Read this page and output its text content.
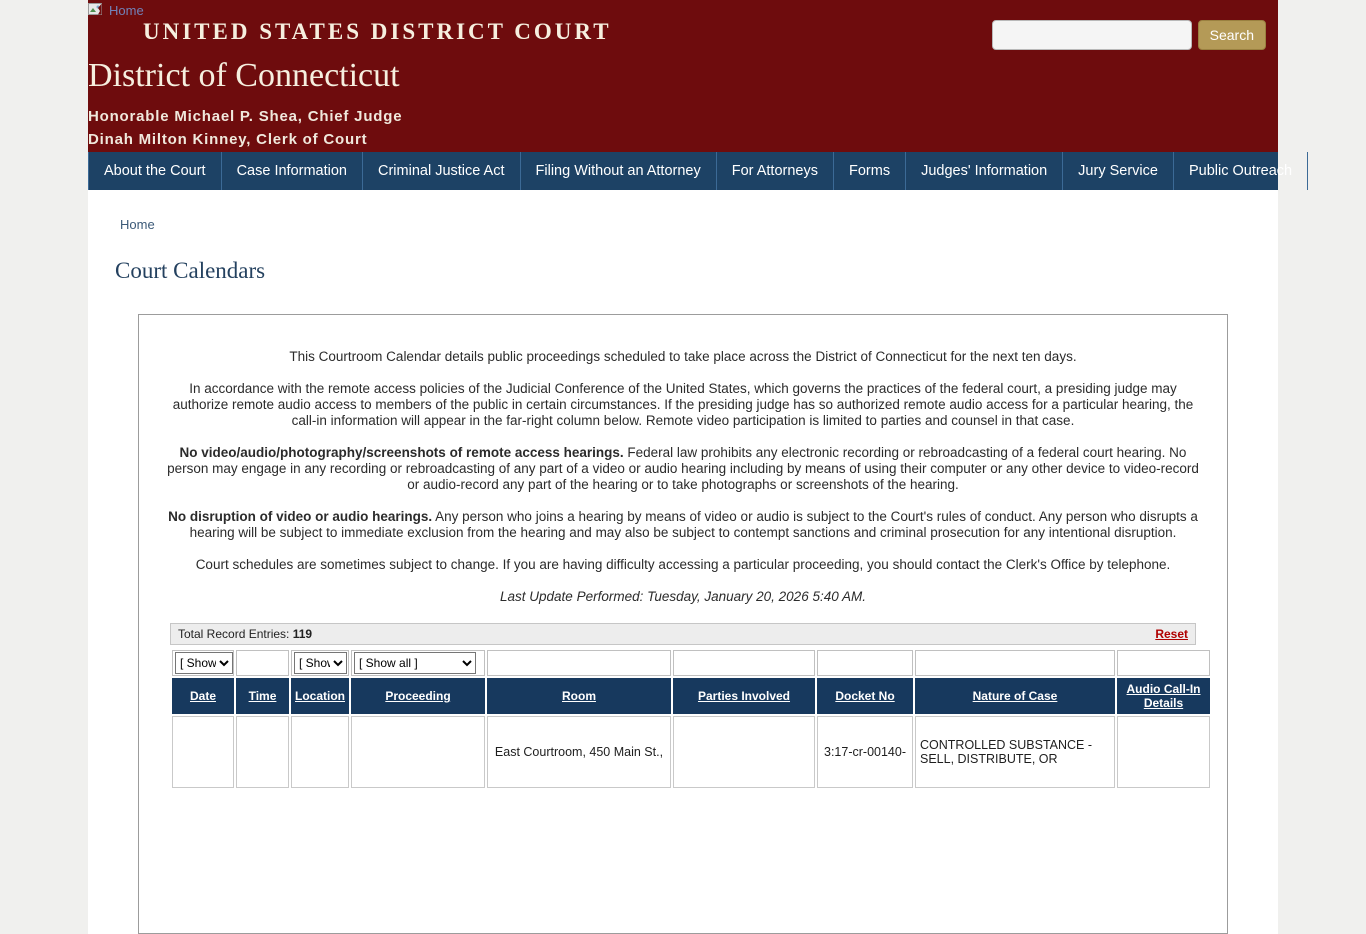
Home
UNITED STATES DISTRICT COURT
District of Connecticut
Honorable Michael P. Shea, Chief Judge
Dinah Milton Kinney, Clerk of Court
Search
About the Court	Case Information	Criminal Justice Act	Filing Without an Attorney	For Attorneys	Forms	Judges' Information	Jury Service	Public Outreach
Home
Court Calendars

This Courtroom Calendar details public proceedings scheduled to take place across the District of Connecticut for the next ten days.

In accordance with the remote access policies of the Judicial Conference of the United States, which governs the practices of the federal court, a presiding judge may authorize remote audio access to members of the public in certain circumstances. If the presiding judge has so authorized remote audio access for a particular hearing, the call-in information will appear in the far-right column below. Remote video participation is limited to parties and counsel in that case.

No video/audio/photography/screenshots of remote access hearings. Federal law prohibits any electronic recording or rebroadcasting of a federal court hearing. No person may engage in any recording or rebroadcasting of any part of a video or audio hearing including by means of using their computer or any other device to video-record or audio-record any part of the hearing or to take photographs or screenshots of the hearing.

No disruption of video or audio hearings. Any person who joins a hearing by means of video or audio is subject to the Court's rules of conduct. Any person who disrupts a hearing will be subject to immediate exclusion from the hearing and may also be subject to contempt sanctions and criminal prosecution for any intentional disruption.

Court schedules are sometimes subject to change. If you are having difficulty accessing a particular proceeding, you should contact the Clerk's Office by telephone.

Last Update Performed: Tuesday, January 20, 2026 5:40 AM.

Total Record Entries: 119	Reset
[ Show all ]		
[ Show all ]	
[ Show all ]					
Date	Time	Location	Proceeding	Room	Parties Involved	Docket No	Nature of Case	Audio Call-In Details
				East Courtroom, 450 Main St.,		3:17-cr-00140-	CONTROLLED SUBSTANCE - SELL, DISTRIBUTE, OR	
